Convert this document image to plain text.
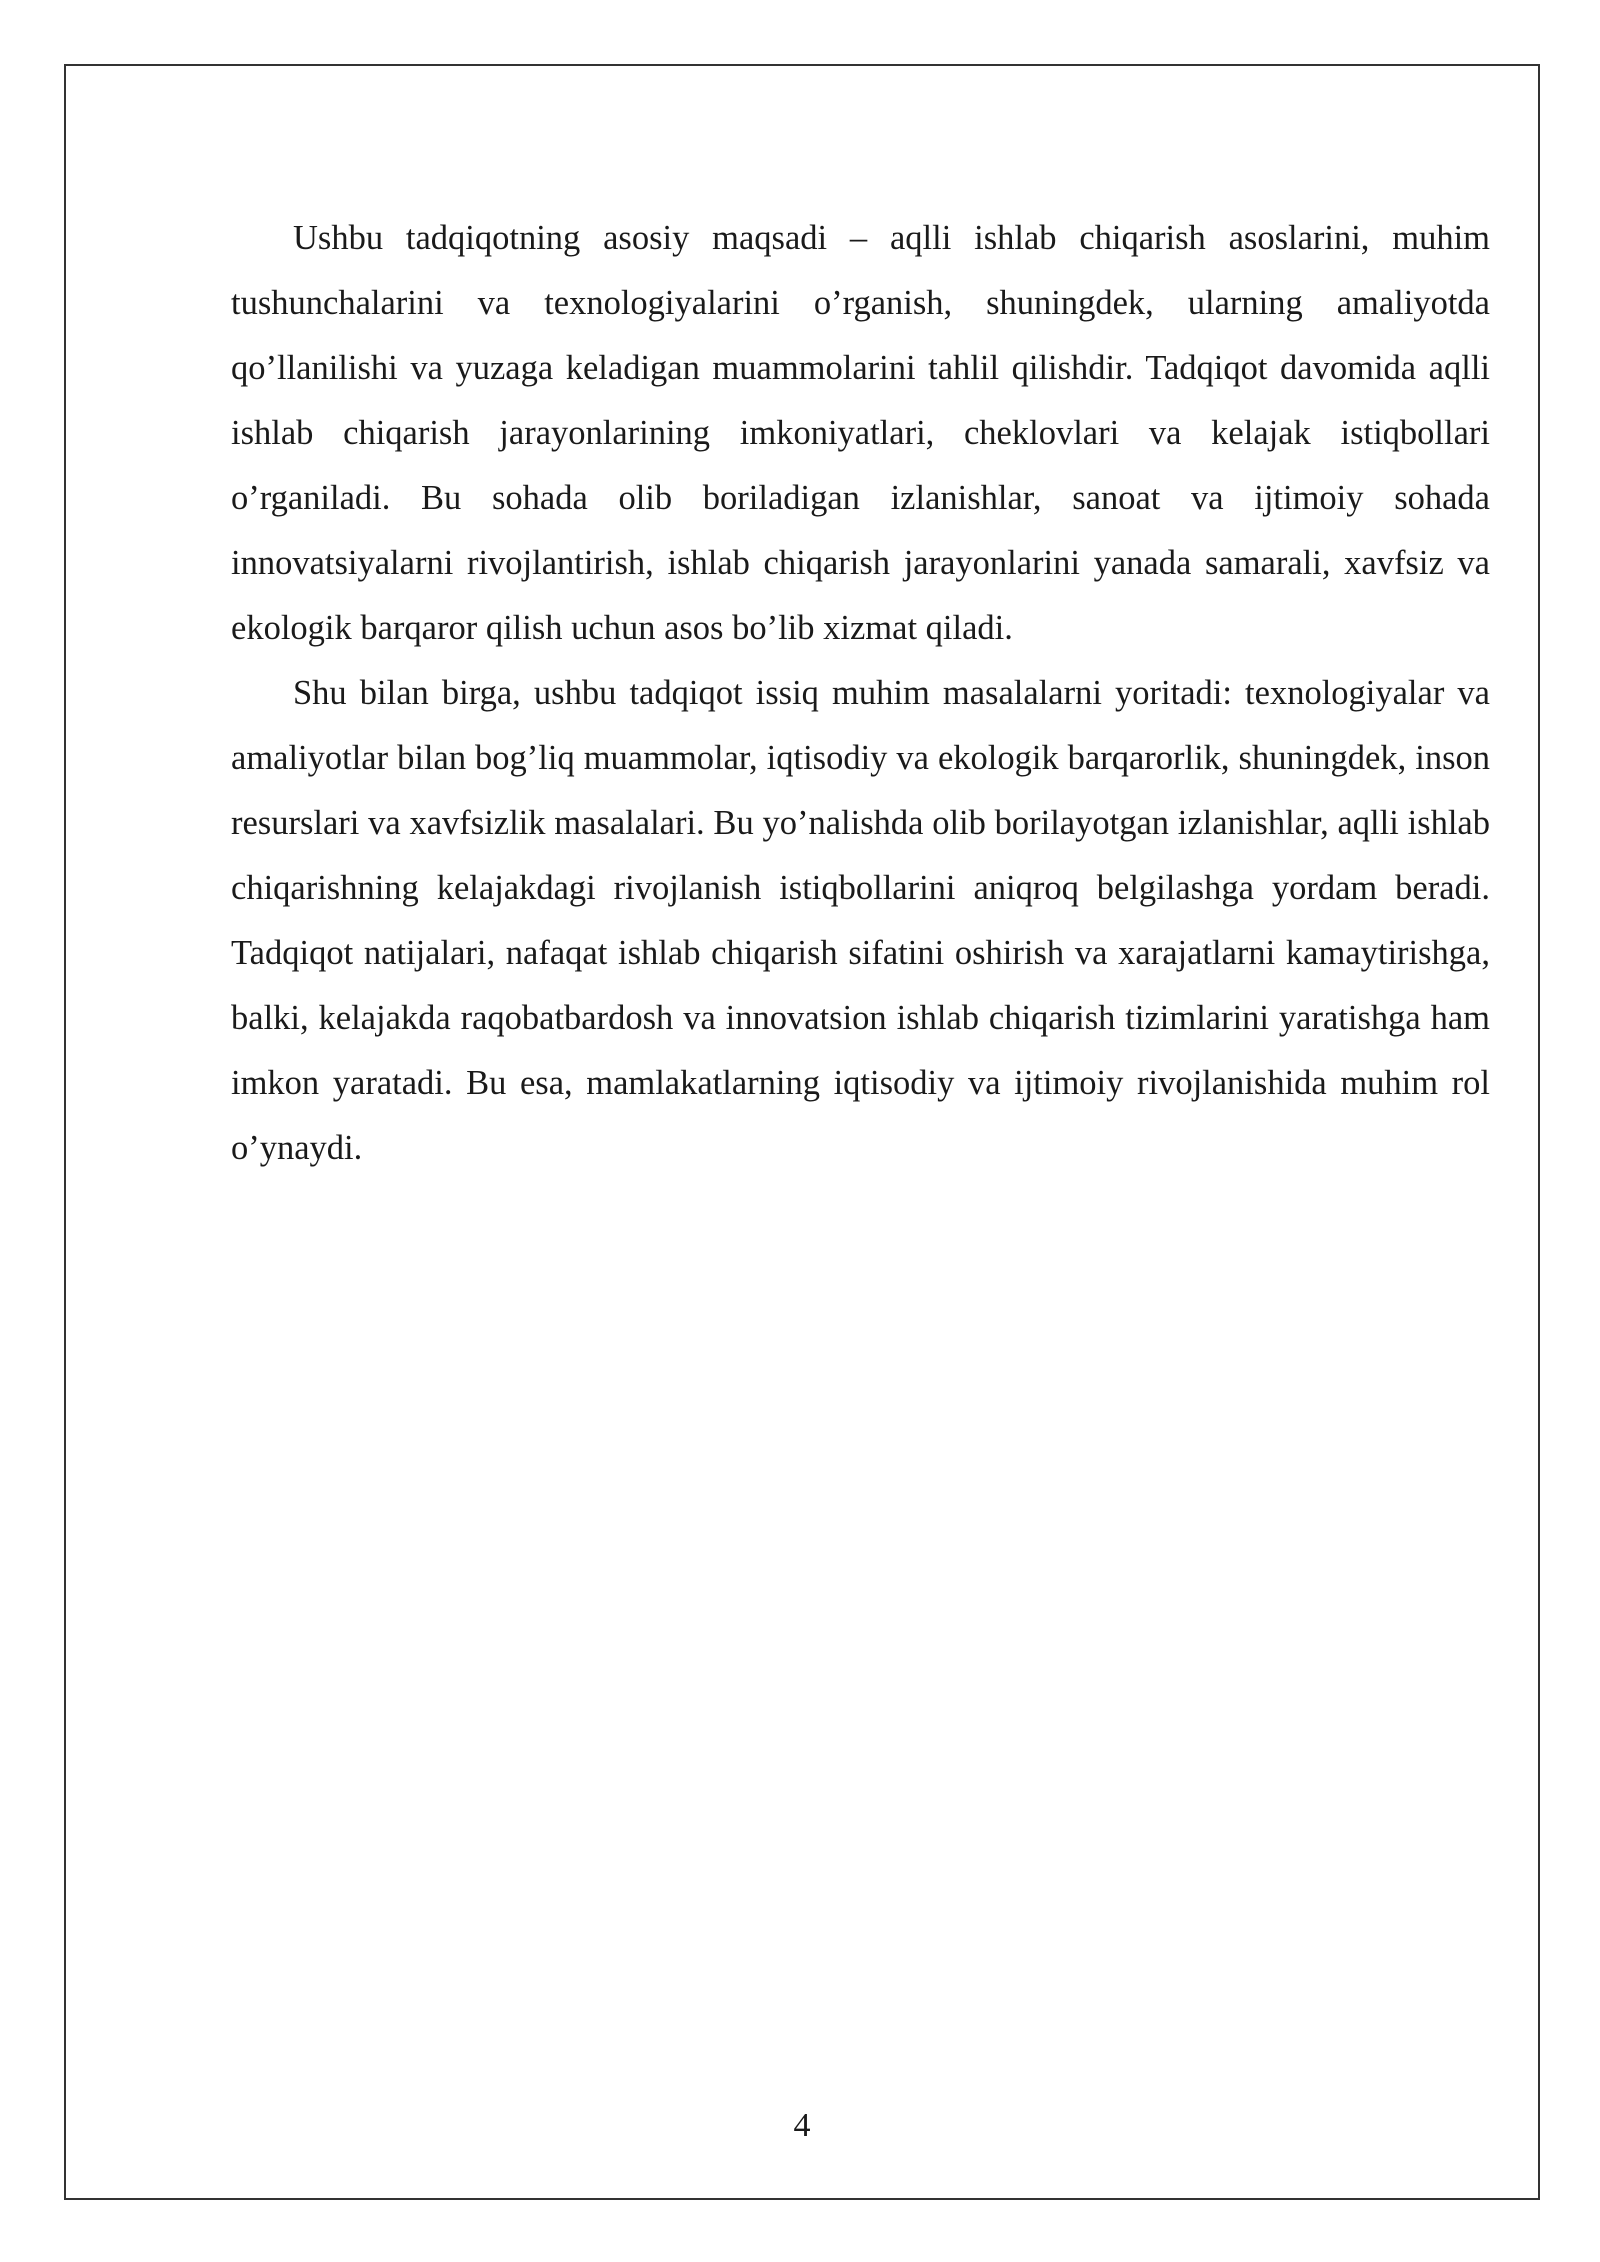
Ushbu tadqiqotning asosiy maqsadi – aqlli ishlab chiqarish asoslarini, muhim tushunchalarini va texnologiyalarini o’rganish, shuningdek, ularning amaliyotda qo’llanilishi va yuzaga keladigan muammolarini tahlil qilishdir. Tadqiqot davomida aqlli ishlab chiqarish jarayonlarining imkoniyatlari, cheklovlari va kelajak istiqbollari o’rganiladi. Bu sohada olib boriladigan izlanishlar, sanoat va ijtimoiy sohada innovatsiyalarni rivojlantirish, ishlab chiqarish jarayonlarini yanada samarali, xavfsiz va ekologik barqaror qilish uchun asos bo’lib xizmat qiladi.

Shu bilan birga, ushbu tadqiqot issiq muhim masalalarni yoritadi: texnologiyalar va amaliyotlar bilan bog’liq muammolar, iqtisodiy va ekologik barqarorlik, shuningdek, inson resurslari va xavfsizlik masalalari. Bu yo’nalishda olib borilayotgan izlanishlar, aqlli ishlab chiqarishning kelajakdagi rivojlanish istiqbollarini aniqroq belgilashga yordam beradi. Tadqiqot natijalari, nafaqat ishlab chiqarish sifatini oshirish va xarajatlarni kamaytirishga, balki, kelajakda raqobatbardosh va innovatsion ishlab chiqarish tizimlarini yaratishga ham imkon yaratadi. Bu esa, mamlakatlarning iqtisodiy va ijtimoiy rivojlanishida muhim rol o’ynaydi.

4
